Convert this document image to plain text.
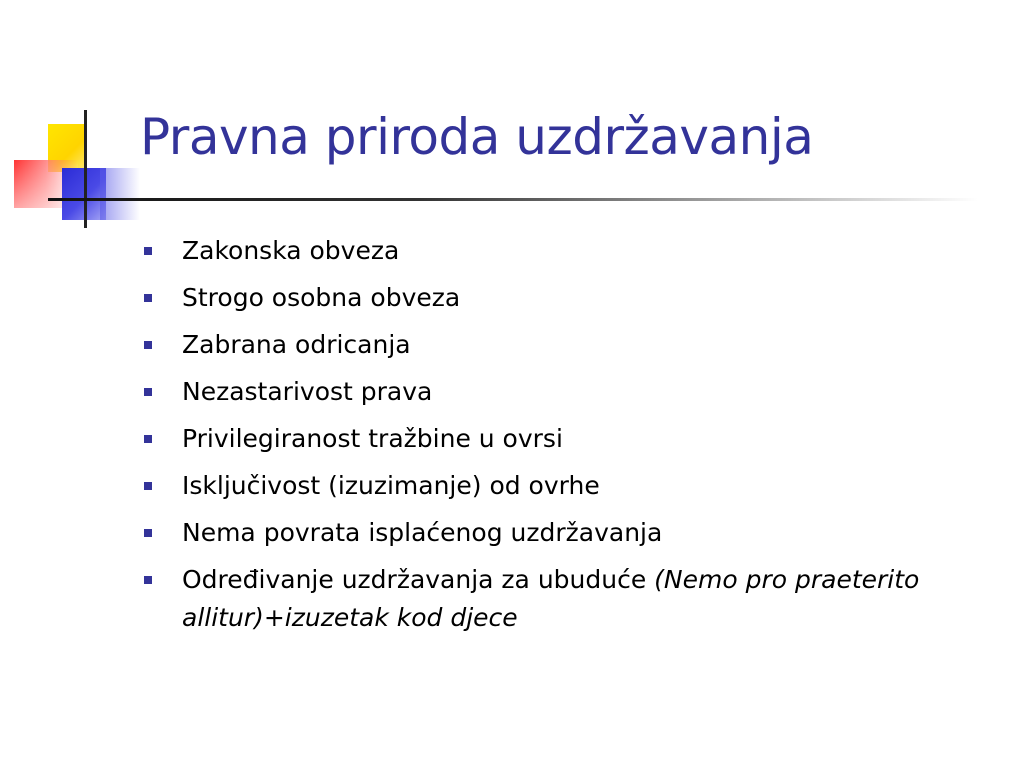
Pravna priroda uzdržavanja
Zakonska obveza
Strogo osobna obveza
Zabrana odricanja
Nezastarivost prava
Privilegiranost tražbine u ovrsi
Isključivost (izuzimanje) od ovrhe
Nema povrata isplaćenog uzdržavanja
Određivanje uzdržavanja za ubuduće (Nemo pro praeterito allitur)+izuzetak kod djece
